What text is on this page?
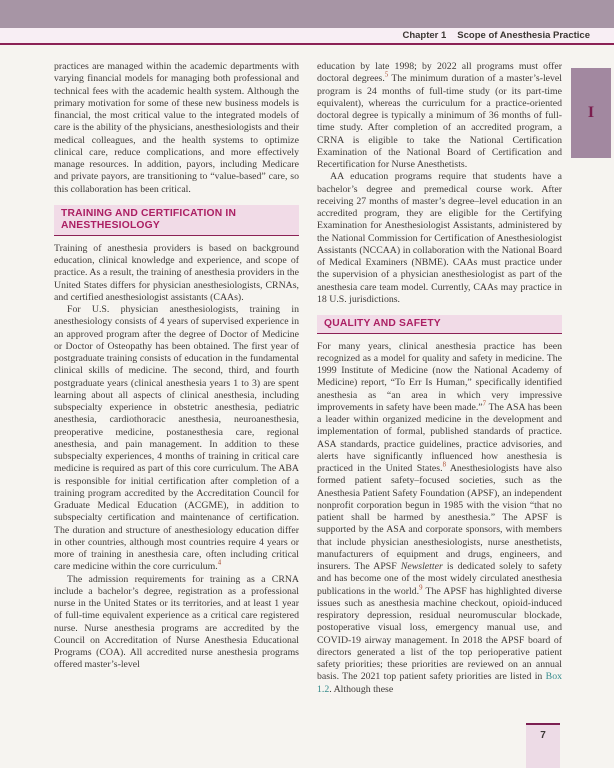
Chapter 1 Scope of Anesthesia Practice

practices are managed within the academic departments with varying financial models for managing both professional and technical fees with the academic health system. Although the primary motivation for some of these new business models is financial, the most critical value to the integrated models of care is the ability of the physicians, anesthesiologists and their medical colleagues, and the health systems to optimize clinical care, reduce complications, and more effectively manage resources. In addition, payors, including Medicare and private payors, are transitioning to “value-based” care, so this collaboration has been critical.

TRAINING AND CERTIFICATION IN ANESTHESIOLOGY

Training of anesthesia providers is based on background education, clinical knowledge and experience, and scope of practice. As a result, the training of anesthesia providers in the United States differs for physician anesthesiologists, CRNAs, and certified anesthesiologist assistants (CAAs).

For U.S. physician anesthesiologists, training in anesthesiology consists of 4 years of supervised experience in an approved program after the degree of Doctor of Medicine or Doctor of Osteopathy has been obtained. The first year of postgraduate training consists of education in the fundamental clinical skills of medicine. The second, third, and fourth postgraduate years (clinical anesthesia years 1 to 3) are spent learning about all aspects of clinical anesthesia, including subspecialty experience in obstetric anesthesia, pediatric anesthesia, cardiothoracic anesthesia, neuroanesthesia, preoperative medicine, postanesthesia care, regional anesthesia, and pain management. In addition to these subspecialty experiences, 4 months of training in critical care medicine is required as part of this core curriculum. The ABA is responsible for initial certification after completion of a training program accredited by the Accreditation Council for Graduate Medical Education (ACGME), in addition to subspecialty certification and maintenance of certification. The duration and structure of anesthesiology education differ in other countries, although most countries require 4 years or more of training in anesthesia care, often including critical care medicine within the core curriculum.$^4$

The admission requirements for training as a CRNA include a bachelor’s degree, registration as a professional nurse in the United States or its territories, and at least 1 year of full-time equivalent experience as a critical care registered nurse. Nurse anesthesia programs are accredited by the Council on Accreditation of Nurse Anesthesia Educational Programs (COA). All accredited nurse anesthesia programs offered master’s-level

education by late 1998; by 2022 all programs must offer doctoral degrees.$^5$ The minimum duration of a master’s-level program is 24 months of full-time study (or its part-time equivalent), whereas the curriculum for a practice-oriented doctoral degree is typically a minimum of 36 months of full-time study. After completion of an accredited program, a CRNA is eligible to take the National Certification Examination of the National Board of Certification and Recertification for Nurse Anesthetists.

AA education programs require that students have a bachelor’s degree and premedical course work. After receiving 27 months of master’s degree–level education in an accredited program, they are eligible for the Certifying Examination for Anesthesiologist Assistants, administered by the National Commission for Certification of Anesthesiologist Assistants (NCCAA) in collaboration with the National Board of Medical Examiners (NBME). CAAs must practice under the supervision of a physician anesthesiologist as part of the anesthesia care team model. Currently, CAAs may practice in 18 U.S. jurisdictions.

QUALITY AND SAFETY

For many years, clinical anesthesia practice has been recognized as a model for quality and safety in medicine. The 1999 Institute of Medicine (now the National Academy of Medicine) report, “To Err Is Human,” specifically identified anesthesia as “an area in which very impressive improvements in safety have been made.”$^7$ The ASA has been a leader within organized medicine in the development and implementation of formal, published standards of practice. ASA standards, practice guidelines, practice advisories, and alerts have significantly influenced how anesthesia is practiced in the United States.$^8$ Anesthesiologists have also formed patient safety–focused societies, such as the Anesthesia Patient Safety Foundation (APSF), an independent nonprofit corporation begun in 1985 with the vision “that no patient shall be harmed by anesthesia.” The APSF is supported by the ASA and corporate sponsors, with members that include physician anesthesiologists, nurse anesthetists, manufacturers of equipment and drugs, engineers, and insurers. The APSF Newsletter is dedicated solely to safety and has become one of the most widely circulated anesthesia publications in the world.$^9$ The APSF has highlighted diverse issues such as anesthesia machine checkout, opioid-induced respiratory depression, residual neuromuscular blockade, postoperative visual loss, emergency manual use, and COVID-19 airway management. In 2018 the APSF board of directors generated a list of the top perioperative patient safety priorities; these priorities are reviewed on an annual basis. The 2021 top patient safety priorities are listed in Box 1.2. Although these

I
7
